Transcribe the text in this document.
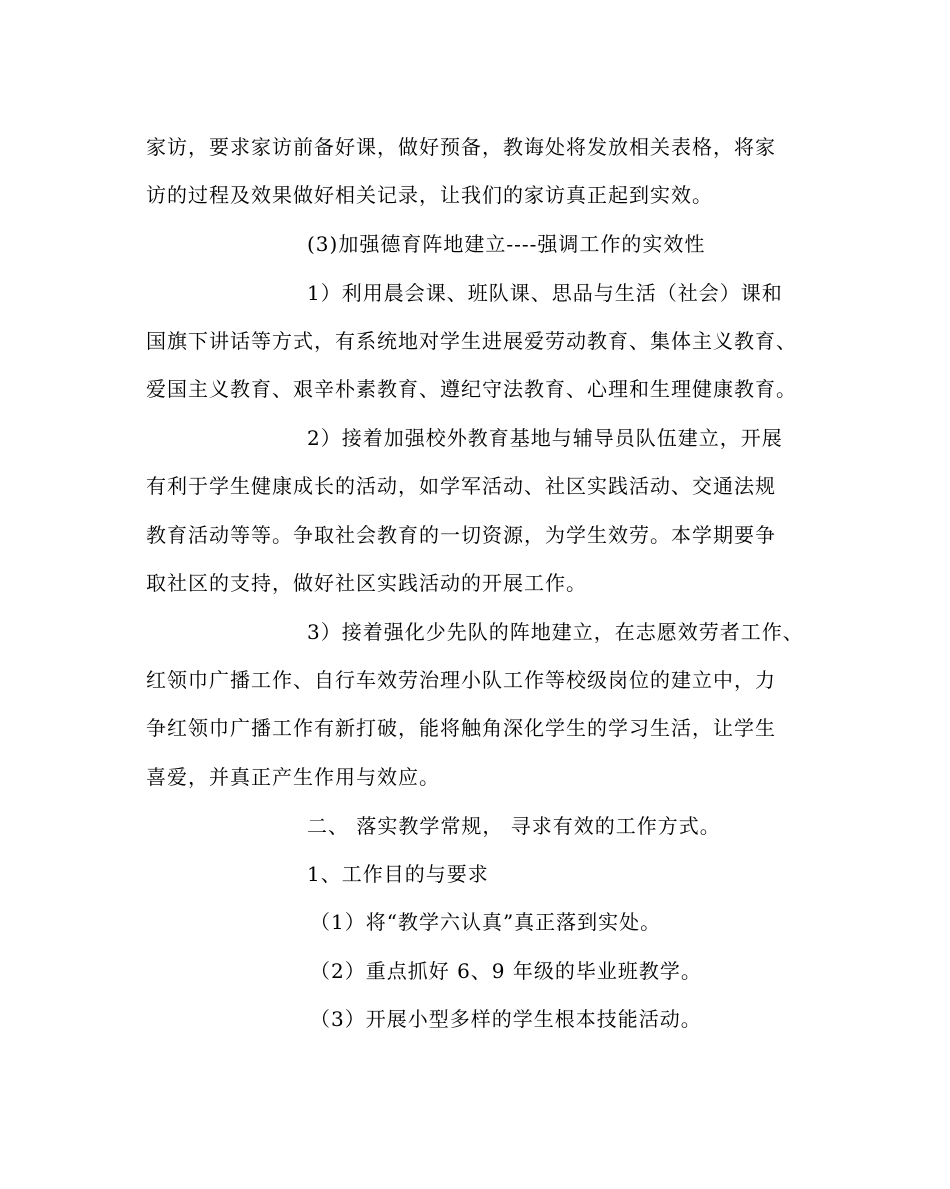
家访，要求家访前备好课，做好预备，教诲处将发放相关表格，将家
访的过程及效果做好相关记录，让我们的家访真正起到实效。
(3)加强德育阵地建立----强调工作的实效性
1）利用晨会课、班队课、思品与生活（社会）课和
国旗下讲话等方式，有系统地对学生进展爱劳动教育、集体主义教育、
爱国主义教育、艰辛朴素教育、遵纪守法教育、心理和生理健康教育。
2）接着加强校外教育基地与辅导员队伍建立，开展
有利于学生健康成长的活动，如学军活动、社区实践活动、交通法规
教育活动等等。争取社会教育的一切资源，为学生效劳。本学期要争
取社区的支持，做好社区实践活动的开展工作。
3）接着强化少先队的阵地建立，在志愿效劳者工作、
红领巾广播工作、自行车效劳治理小队工作等校级岗位的建立中，力
争红领巾广播工作有新打破，能将触角深化学生的学习生活，让学生
喜爱，并真正产生作用与效应。
二、 落实教学常规， 寻求有效的工作方式。
1、工作目的与要求
（1）将“教学六认真”真正落到实处。
（2）重点抓好 6、9 年级的毕业班教学。
（3）开展小型多样的学生根本技能活动。
